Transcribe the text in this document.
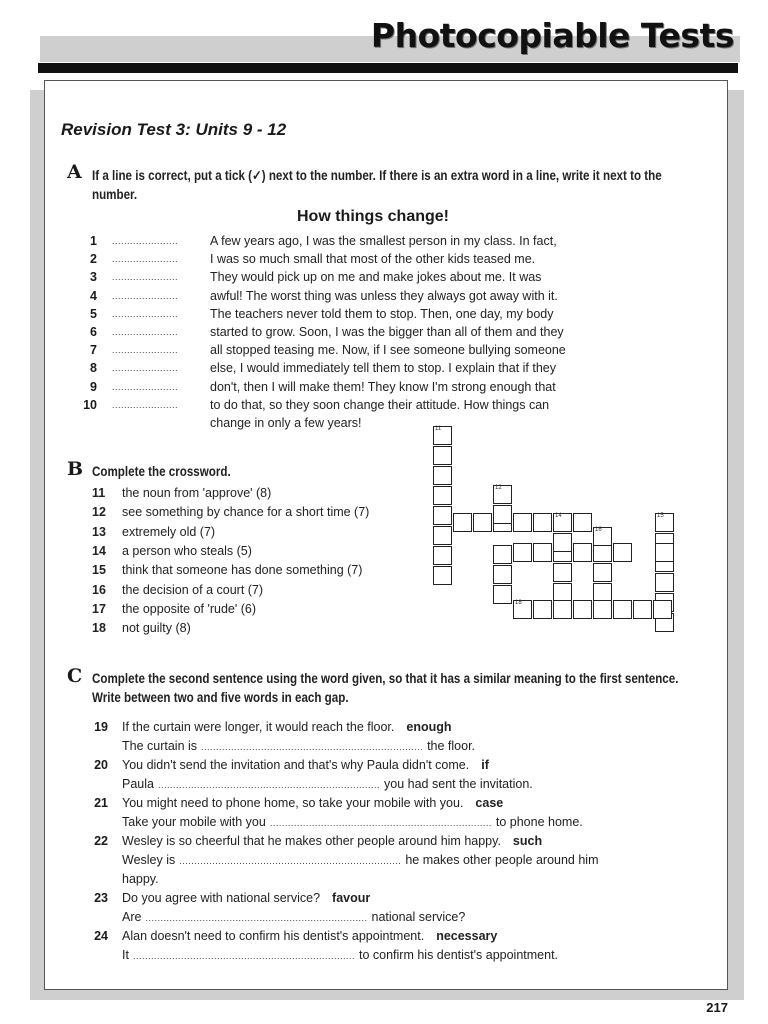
Photocopiable Tests
Revision Test 3: Units 9 - 12
A If a line is correct, put a tick (✓) next to the number. If there is an extra word in a line, write it next to the number.
How things change!
1 ......................	A few years ago, I was the smallest person in my class. In fact,
2 ......................	I was so much small that most of the other kids teased me.
3 ......................	They would pick up on me and make jokes about me. It was
4 ......................	awful! The worst thing was unless they always got away with it.
5 ......................	The teachers never told them to stop. Then, one day, my body
6 ......................	started to grow. Soon, I was the bigger than all of them and they
7 ......................	all stopped teasing me. Now, if I see someone bullying someone
8 ......................	else, I would immediately tell them to stop. I explain that if they
9 ......................	don't, then I will make them! They know I'm strong enough that
10 ......................	to do that, so they soon change their attitude. How things can
change in only a few years!
B Complete the crossword.
11 the noun from 'approve' (8)
12 see something by chance for a short time (7)
13 extremely old (7)
14 a person who steals (5)
15 think that someone has done something (7)
16 the decision of a court (7)
17 the opposite of 'rude' (6)
18 not guilty (8)
11
14
12
16
15
18
C Complete the second sentence using the word given, so that it has a similar meaning to the first sentence. Write between two and five words in each gap.
19 If the curtain were longer, it would reach the floor. enough
The curtain is .......................................................................... the floor.
20 You didn't send the invitation and that's why Paula didn't come. if
Paula .......................................................................... you had sent the invitation.
21 You might need to phone home, so take your mobile with you. case
Take your mobile with you .......................................................................... to phone home.
22 Wesley is so cheerful that he makes other people around him happy. such
Wesley is .......................................................................... he makes other people around him
happy.
23 Do you agree with national service? favour
Are .......................................................................... national service?
24 Alan doesn't need to confirm his dentist's appointment. necessary
It .......................................................................... to confirm his dentist's appointment.
217
